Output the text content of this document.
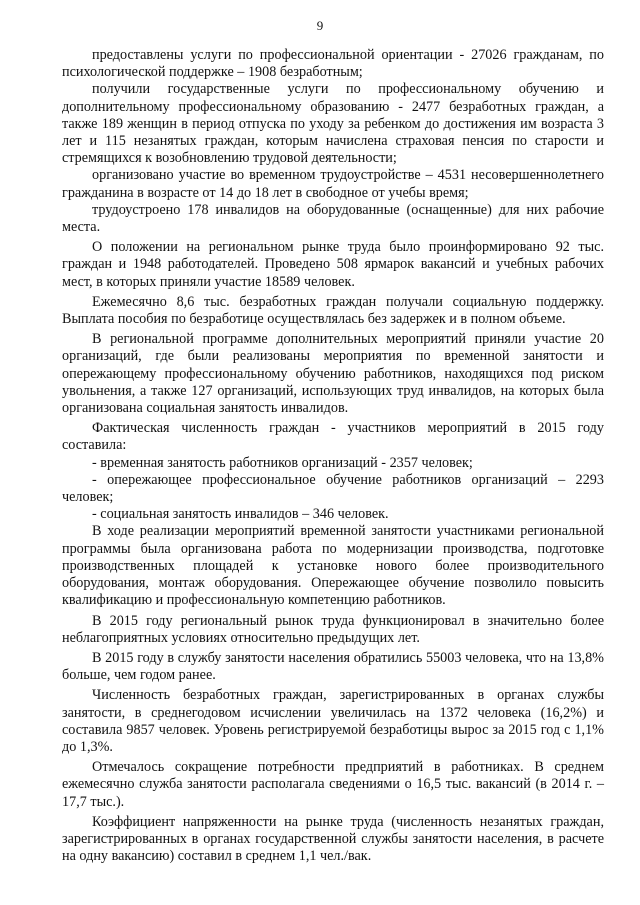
9

предоставлены услуги по профессиональной ориентации - 27026 гражданам, по психологической поддержке – 1908 безработным;

получили государственные услуги по профессиональному обучению и дополнительному профессиональному образованию - 2477 безработных граждан, а также 189 женщин в период отпуска по уходу за ребенком до достижения им возраста 3 лет и 115 незанятых граждан, которым начислена страховая пенсия по старости и стремящихся к возобновлению трудовой деятельности;

организовано участие во временном трудоустройстве – 4531 несовершеннолетнего гражданина в возрасте от 14 до 18 лет в свободное от учебы время;

трудоустроено 178 инвалидов на оборудованные (оснащенные) для них рабочие места.

О положении на региональном рынке труда было проинформировано 92 тыс. граждан и 1948 работодателей. Проведено 508 ярмарок вакансий и учебных рабочих мест, в которых приняли участие 18589 человек.

Ежемесячно 8,6 тыс. безработных граждан получали социальную поддержку. Выплата пособия по безработице осуществлялась без задержек и в полном объеме.

В региональной программе дополнительных мероприятий приняли участие 20 организаций, где были реализованы мероприятия по временной занятости и опережающему профессиональному обучению работников, находящихся под риском увольнения, а также 127 организаций, использующих труд инвалидов, на которых была организована социальная занятость инвалидов.

Фактическая численность граждан - участников мероприятий в 2015 году составила:

- временная занятость работников организаций - 2357 человек;

- опережающее профессиональное обучение работников организаций – 2293 человек;

- социальная занятость инвалидов – 346 человек.

В ходе реализации мероприятий временной занятости участниками региональной программы была организована работа по модернизации производства, подготовке производственных площадей к установке нового более производительного оборудования, монтаж оборудования. Опережающее обучение позволило повысить квалификацию и профессиональную компетенцию работников.

В 2015 году региональный рынок труда функционировал в значительно более неблагоприятных условиях относительно предыдущих лет.

В 2015 году в службу занятости населения обратились 55003 человека, что на 13,8% больше, чем годом ранее.

Численность безработных граждан, зарегистрированных в органах службы занятости, в среднегодовом исчислении увеличилась на 1372 человека (16,2%) и составила 9857 человек. Уровень регистрируемой безработицы вырос за 2015 год с 1,1% до 1,3%.

Отмечалось сокращение потребности предприятий в работниках. В среднем ежемесячно служба занятости располагала сведениями о 16,5 тыс. вакансий (в 2014 г. – 17,7 тыс.).

Коэффициент напряженности на рынке труда (численность незанятых граждан, зарегистрированных в органах государственной службы занятости населения, в расчете на одну вакансию) составил в среднем 1,1 чел./вак.
